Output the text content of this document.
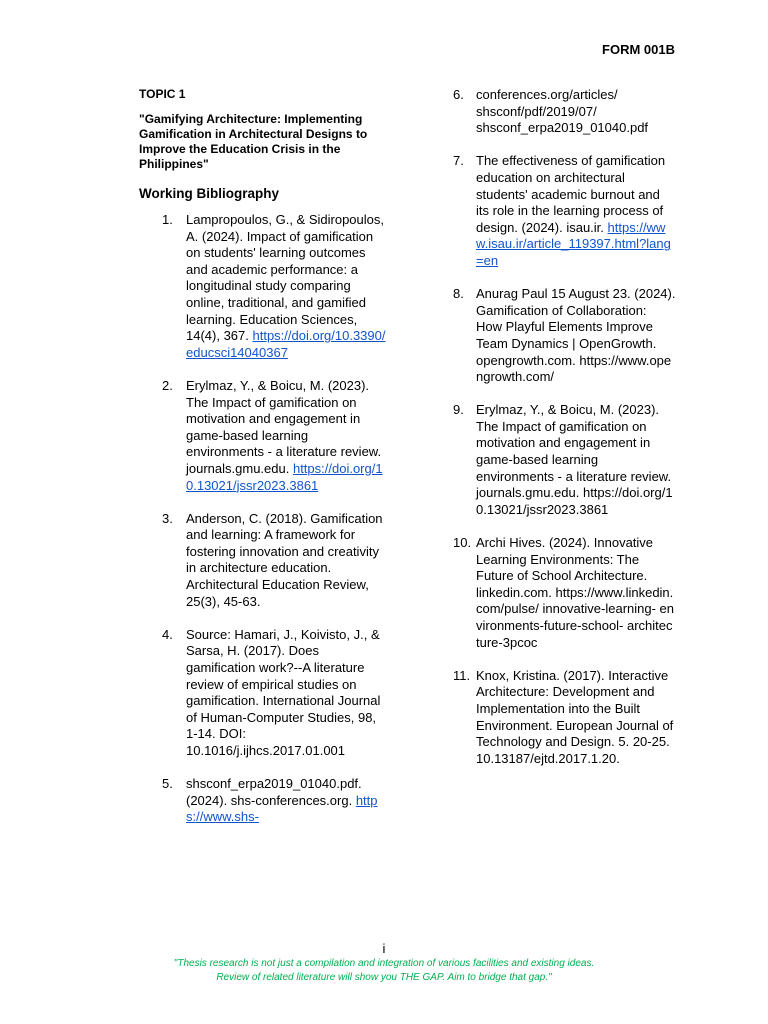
FORM 001B
TOPIC 1
"Gamifying Architecture: Implementing Gamification in Architectural Designs to Improve the Education Crisis in the Philippines"
Working Bibliography
1. Lampropoulos, G., & Sidiropoulos, A. (2024). Impact of gamification on students' learning outcomes and academic performance: a longitudinal study comparing online, traditional, and gamified learning. Education Sciences, 14(4), 367. https://doi.org/10.3390/educsci14040367
2. Erylmaz, Y., & Boicu, M. (2023). The Impact of gamification on motivation and engagement in game-based learning environments - a literature review. journals.gmu.edu. https://doi.org/10.13021/jssr2023.3861
3. Anderson, C. (2018). Gamification and learning: A framework for fostering innovation and creativity in architecture education. Architectural Education Review, 25(3), 45-63.
4. Source: Hamari, J., Koivisto, J., & Sarsa, H. (2017). Does gamification work?--A literature review of empirical studies on gamification. International Journal of Human-Computer Studies, 98, 1-14. DOI: 10.1016/j.ijhcs.2017.01.001
5. shsconf_erpa2019_01040.pdf. (2024). shs-conferences.org. https://www.shs-
6. conferences.org/articles/ shsconf/pdf/2019/07/ shsconf_erpa2019_01040.pdf
7. The effectiveness of gamification education on architectural students' academic burnout and its role in the learning process of design. (2024). isau.ir. https://www.isau.ir/article_119397.html?lang=en
8. Anurag Paul 15 August 23. (2024). Gamification of Collaboration: How Playful Elements Improve Team Dynamics | OpenGrowth. opengrowth.com. https://www.opengrowth.com/
9. Erylmaz, Y., & Boicu, M. (2023). The Impact of gamification on motivation and engagement in game-based learning environments - a literature review. journals.gmu.edu. https://doi.org/10.13021/jssr2023.3861
10. Archi Hives. (2024). Innovative Learning Environments: The Future of School Architecture. linkedin.com. https://www.linkedin.com/pulse/ innovative-learning- environments-future-school- architecture-3pcoc
11. Knox, Kristina. (2017). Interactive Architecture: Development and Implementation into the Built Environment. European Journal of Technology and Design. 5. 20-25. 10.13187/ejtd.2017.1.20.
i
"Thesis research is not just a compilation and integration of various facilities and existing ideas.
Review of related literature will show you THE GAP. Aim to bridge that gap."
